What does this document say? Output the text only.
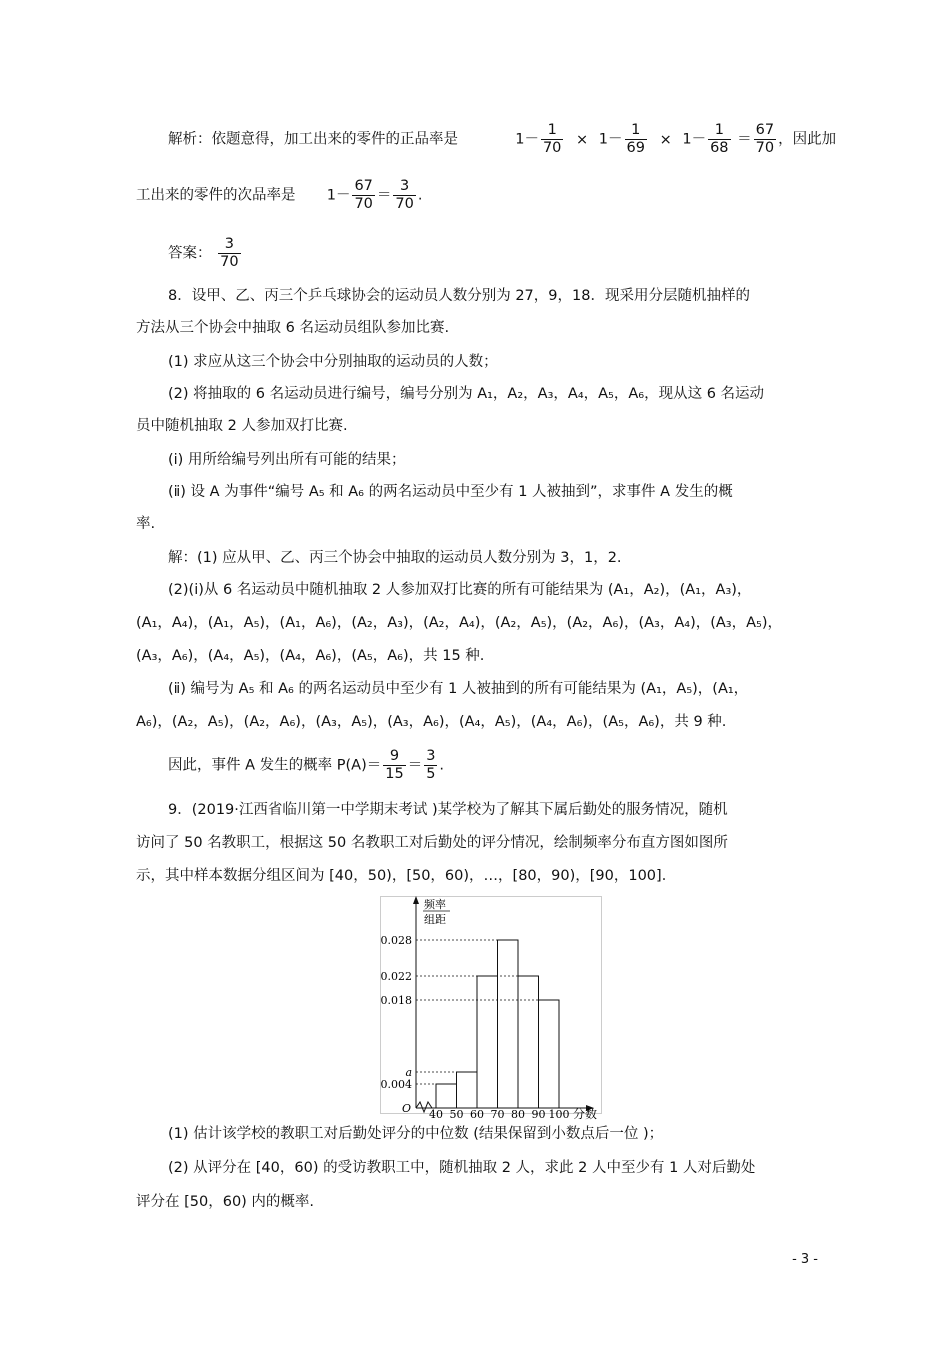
解析：依题意得，加工出来的零件的正品率是	$1- \frac{1}{70} \times 1- \frac{1}{69} \times 1- \frac{1}{68} = \frac{67}{70}$ ，因此加
工出来的零件的次品率是 $1- \frac{67}{70} = \frac{3}{70}$ .
答案： $\frac{3}{70}$
8．设甲、乙、丙三个乒乓球协会的运动员人数分别为 27，9，18．现采用分层随机抽样的
方法从三个协会中抽取 6 名运动员组队参加比赛.
(1) 求应从这三个协会中分别抽取的运动员的人数；
(2) 将抽取的 6 名运动员进行编号，编号分别为 A₁，A₂，A₃，A₄，A₅，A₆，现从这 6 名运动
员中随机抽取 2 人参加双打比赛.
(ⅰ) 用所给编号列出所有可能的结果；
(ⅱ) 设 A 为事件“编号 A₅ 和 A₆ 的两名运动员中至少有 1 人被抽到”，求事件 A 发生的概
率.
解：(1) 应从甲、乙、丙三个协会中抽取的运动员人数分别为 3，1，2.
(2)(ⅰ)从 6 名运动员中随机抽取 2 人参加双打比赛的所有可能结果为 (A₁，A₂)，(A₁，A₃)，
(A₁，A₄)，(A₁，A₅)，(A₁，A₆)，(A₂，A₃)，(A₂，A₄)，(A₂，A₅)，(A₂，A₆)，(A₃，A₄)，(A₃，A₅)，
(A₃，A₆)，(A₄，A₅)，(A₄，A₆)，(A₅，A₆)，共 15 种.
(ⅱ) 编号为 A₅ 和 A₆ 的两名运动员中至少有 1 人被抽到的所有可能结果为 (A₁，A₅)，(A₁，
A₆)，(A₂，A₅)，(A₂，A₆)，(A₃，A₅)，(A₃，A₆)，(A₄，A₅)，(A₄，A₆)，(A₅，A₆)，共 9 种.
因此，事件 A 发生的概率 $P(A)= \frac{9}{15} = \frac{3}{5}$ .
9．(2019·江西省临川第一中学期末考试 )某学校为了解其下属后勤处的服务情况，随机
访问了 50 名教职工，根据这 50 名教职工对后勤处的评分情况，绘制频率分布直方图如图所
示，其中样本数据分组区间为 [40，50)，[50，60)，…，[80，90)，[90，100]．
频率
组距
O
0.028
0.022
0.018
a
0.004
40 50 60 70 80 90 100 分数
(1) 估计该学校的教职工对后勤处评分的中位数 (结果保留到小数点后一位 )；
(2) 从评分在 [40，60) 的受访教职工中，随机抽取 2 人，求此 2 人中至少有 1 人对后勤处
评分在 [50，60) 内的概率.
- 3 -
